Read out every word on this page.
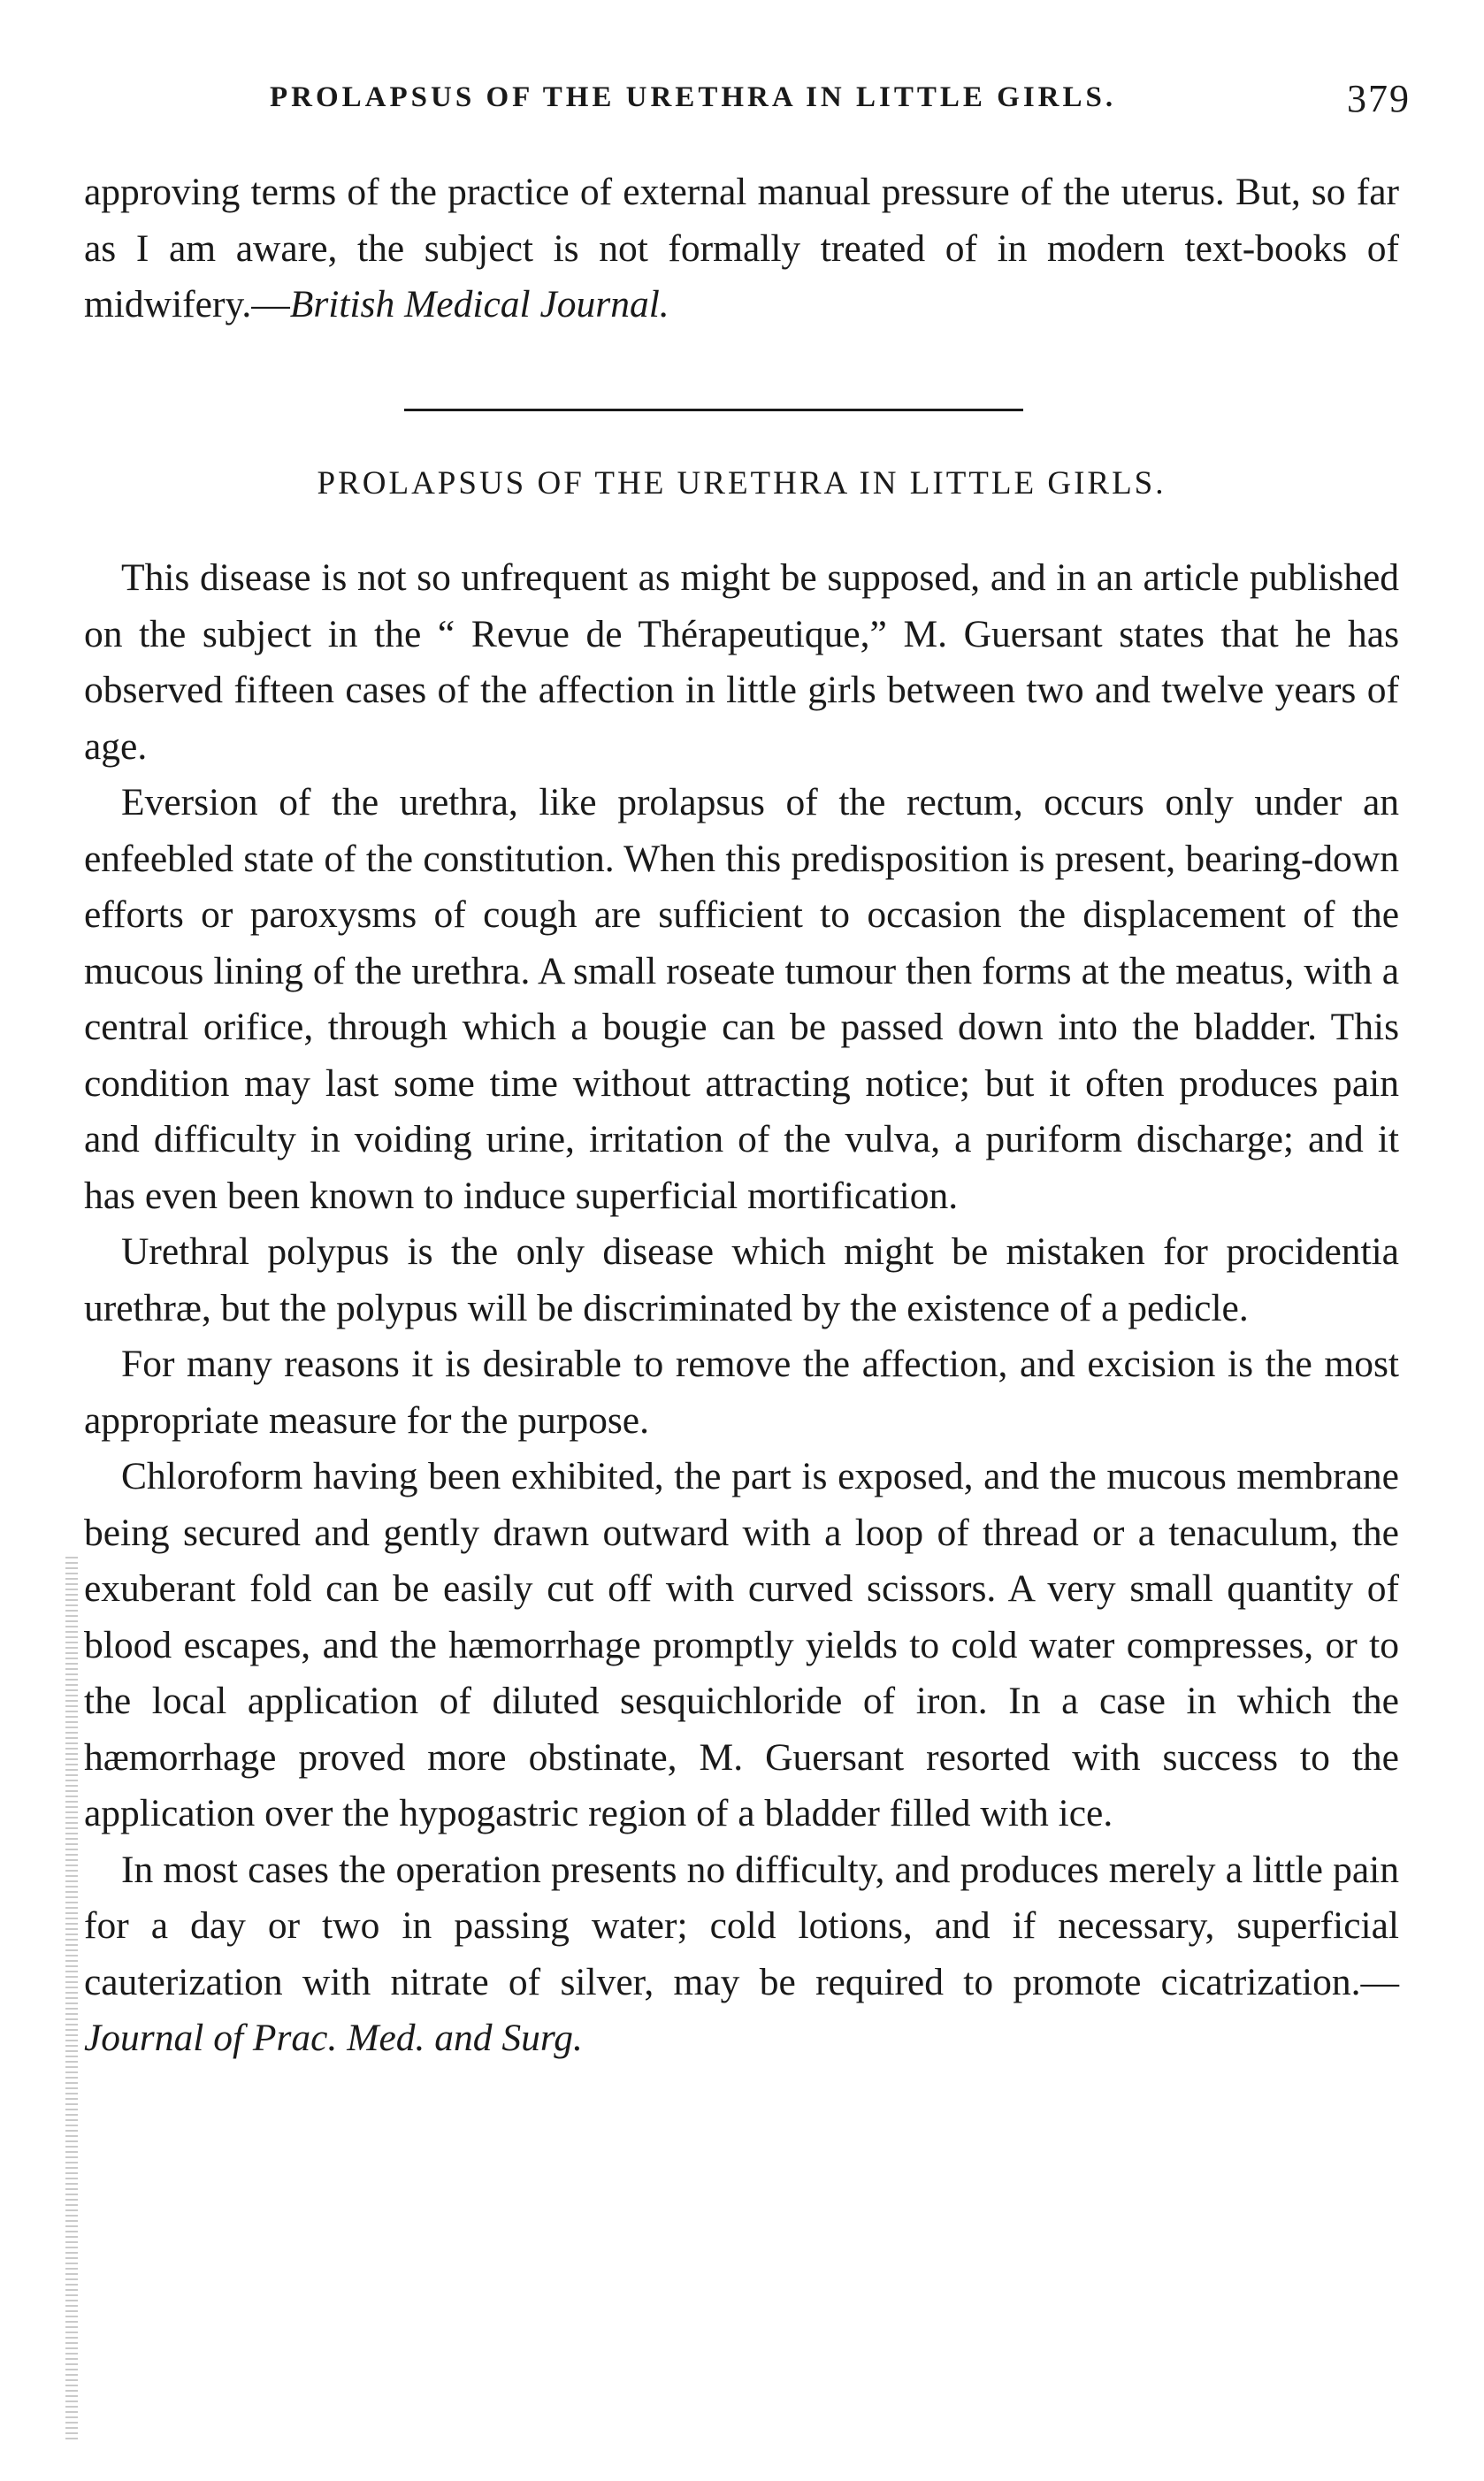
PROLAPSUS OF THE URETHRA IN LITTLE GIRLS.	379

approving terms of the practice of external manual pressure of the uterus. But, so far as I am aware, the subject is not formally treated of in modern text-books of midwifery.—British Medical Journal.

PROLAPSUS OF THE URETHRA IN LITTLE GIRLS.

This disease is not so unfrequent as might be supposed, and in an article published on the subject in the “ Revue de Thérapeutique,” M. Guersant states that he has observed fifteen cases of the affection in little girls between two and twelve years of age.

Eversion of the urethra, like prolapsus of the rectum, occurs only under an enfeebled state of the constitution. When this predisposition is present, bearing-down efforts or paroxysms of cough are sufficient to occasion the displacement of the mucous lining of the urethra. A small roseate tumour then forms at the meatus, with a central orifice, through which a bougie can be passed down into the bladder. This condition may last some time without attracting notice; but it often produces pain and difficulty in voiding urine, irritation of the vulva, a puriform discharge; and it has even been known to induce superficial mortification.

Urethral polypus is the only disease which might be mistaken for procidentia urethræ, but the polypus will be discriminated by the existence of a pedicle.

For many reasons it is desirable to remove the affection, and excision is the most appropriate measure for the purpose.

Chloroform having been exhibited, the part is exposed, and the mucous membrane being secured and gently drawn outward with a loop of thread or a tenaculum, the exuberant fold can be easily cut off with curved scissors. A very small quantity of blood escapes, and the hæmorrhage promptly yields to cold water compresses, or to the local application of diluted sesquichloride of iron. In a case in which the hæmorrhage proved more obstinate, M. Guersant resorted with success to the application over the hypogastric region of a bladder filled with ice.

In most cases the operation presents no difficulty, and produces merely a little pain for a day or two in passing water; cold lotions, and if necessary, superficial cauterization with nitrate of silver, may be required to promote cicatrization.—Journal of Prac. Med. and Surg.
